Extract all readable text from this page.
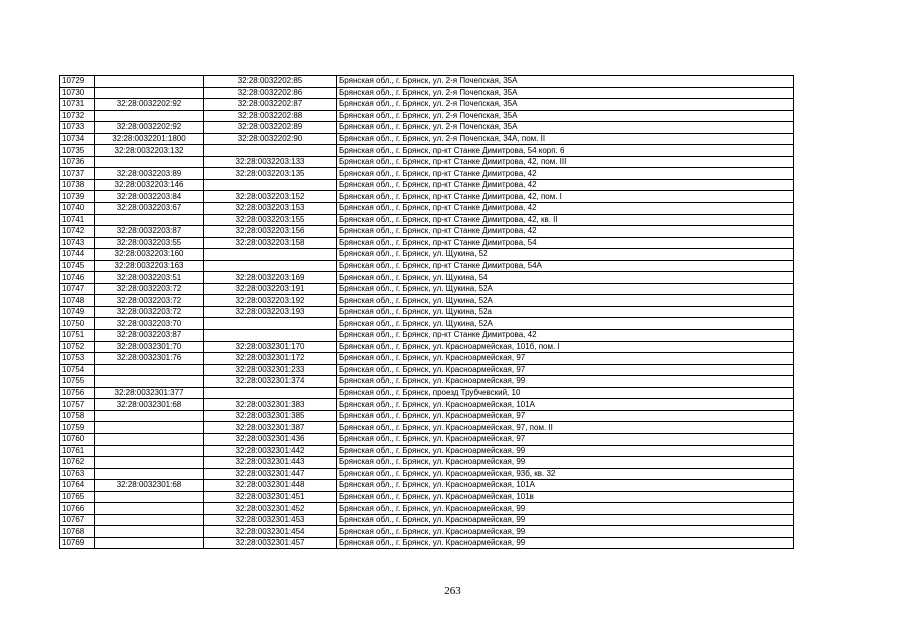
10729		32:28:0032202:85	Брянская обл., г. Брянск, ул. 2-я Почепская, 35А
10730		32:28:0032202:86	Брянская обл., г. Брянск, ул. 2-я Почепская, 35А
10731	32:28:0032202:92	32:28:0032202:87	Брянская обл., г. Брянск, ул. 2-я Почепская, 35А
10732		32:28:0032202:88	Брянская обл., г. Брянск, ул. 2-я Почепская, 35А
10733	32:28:0032202:92	32:28:0032202:89	Брянская обл., г. Брянск, ул. 2-я Почепская, 35А
10734	32:28:0032201:1800	32:28:0032202:90	Брянская обл., г. Брянск, ул. 2-я Почепская, 34А, пом. II
10735	32:28:0032203:132		Брянская обл., г. Брянск, пр-кт Станке Димитрова, 54 корп. 6
10736		32:28:0032203:133	Брянская обл., г. Брянск, пр-кт Станке Димитрова, 42, пом. III
10737	32:28:0032203:89	32:28:0032203:135	Брянская обл., г. Брянск, пр-кт Станке Димитрова, 42
10738	32:28:0032203:146		Брянская обл., г. Брянск, пр-кт Станке Димитрова, 42
10739	32:28:0032203:84	32:28:0032203:152	Брянская обл., г. Брянск, пр-кт Станке Димитрова, 42, пом. I
10740	32:28:0032203:67	32:28:0032203:153	Брянская обл., г. Брянск, пр-кт Станке Димитрова, 42
10741		32:28:0032203:155	Брянская обл., г. Брянск, пр-кт Станке Димитрова, 42, кв. II
10742	32:28:0032203:87	32:28:0032203:156	Брянская обл., г. Брянск, пр-кт Станке Димитрова, 42
10743	32:28:0032203:55	32:28:0032203:158	Брянская обл., г. Брянск, пр-кт Станке Димитрова, 54
10744	32:28:0032203:160		Брянская обл., г. Брянск, ул. Щукина, 52
10745	32:28:0032203:163		Брянская обл., г. Брянск, пр-кт Станке Димитрова, 54А
10746	32:28:0032203:51	32:28:0032203:169	Брянская обл., г. Брянск, ул. Щукина, 54
10747	32:28:0032203:72	32:28:0032203:191	Брянская обл., г. Брянск, ул. Щукина, 52А
10748	32:28:0032203:72	32:28:0032203:192	Брянская обл., г. Брянск, ул. Щукина, 52А
10749	32:28:0032203:72	32:28:0032203:193	Брянская обл., г. Брянск, ул. Щукина, 52а
10750	32:28:0032203:70		Брянская обл., г. Брянск, ул. Щукина, 52А
10751	32:28:0032203:87		Брянская обл., г. Брянск, пр-кт Станке Димитрова, 42
10752	32:28:0032301:70	32:28:0032301:170	Брянская обл., г. Брянск, ул. Красноармейская, 101б, пом. I
10753	32:28:0032301:76	32:28:0032301:172	Брянская обл., г. Брянск, ул. Красноармейская, 97
10754		32:28:0032301:233	Брянская обл., г. Брянск, ул. Красноармейская, 97
10755		32:28:0032301:374	Брянская обл., г. Брянск, ул. Красноармейская, 99
10756	32:28:0032301:377		Брянская обл., г. Брянск, проезд Трубчевский, 10
10757	32:28:0032301:68	32:28:0032301:383	Брянская обл., г. Брянск, ул. Красноармейская, 101А
10758		32:28:0032301:385	Брянская обл., г. Брянск, ул. Красноармейская, 97
10759		32:28:0032301:387	Брянская обл., г. Брянск, ул. Красноармейская, 97, пом. II
10760		32:28:0032301:436	Брянская обл., г. Брянск, ул. Красноармейская, 97
10761		32:28:0032301:442	Брянская обл., г. Брянск, ул. Красноармейская, 99
10762		32:28:0032301:443	Брянская обл., г. Брянск, ул. Красноармейская, 99
10763		32:28:0032301:447	Брянская обл., г. Брянск, ул. Красноармейская, 93б, кв. 32
10764	32:28:0032301:68	32:28:0032301:448	Брянская обл., г. Брянск, ул. Красноармейская, 101А
10765		32:28:0032301:451	Брянская обл., г. Брянск, ул. Красноармейская, 101в
10766		32:28:0032301:452	Брянская обл., г. Брянск, ул. Красноармейская, 99
10767		32:28:0032301:453	Брянская обл., г. Брянск, ул. Красноармейская, 99
10768		32:28:0032301:454	Брянская обл., г. Брянск, ул. Красноармейская, 99
10769		32:28:0032301:457	Брянская обл., г. Брянск, ул. Красноармейская, 99
263
